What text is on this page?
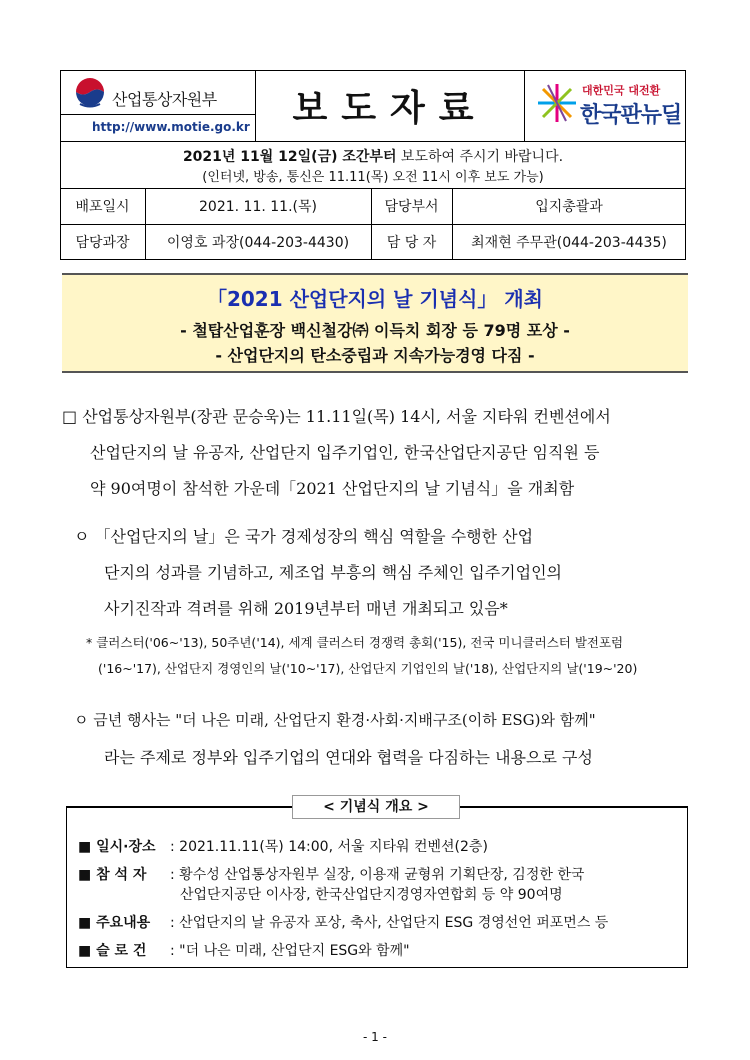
산업통상자원부
http://www.motie.go.kr	보도자료	대한민국 대전환
한국판뉴딜
2021년 11월 12일(금) 조간부터 보도하여 주시기 바랍니다.
(인터넷, 방송, 통신은 11.11(목) 오전 11시 이후 보도 가능)
배포일시	2021. 11. 11.(목)	담당부서	입지총괄과
담당과장	이영호 과장(044-203-4430)	담 당 자	최재현 주무관(044-203-4435)
「2021 산업단지의 날 기념식」 개최
- 철탑산업훈장 백신철강㈜ 이득치 회장 등 79명 포상 -
- 산업단지의 탄소중립과 지속가능경영 다짐 -
□ 산업통상자원부(장관 문승욱)는 11.11일(목) 14시, 서울 지타워 컨벤션에서
산업단지의 날 유공자, 산업단지 입주기업인, 한국산업단지공단 임직원 등
약 90여명이 참석한 가운데「2021 산업단지의 날 기념식」을 개최함
ㅇ 「산업단지의 날」은 국가 경제성장의 핵심 역할을 수행한 산업
단지의 성과를 기념하고, 제조업 부흥의 핵심 주체인 입주기업인의
사기진작과 격려를 위해 2019년부터 매년 개최되고 있음*
* 클러스터('06~'13), 50주년('14), 세계 클러스터 경쟁력 총회('15), 전국 미니클러스터 발전포럼
('16~'17), 산업단지 경영인의 날('10~'17), 산업단지 기업인의 날('18), 산업단지의 날('19~'20)
ㅇ 금년 행사는 "더 나은 미래, 산업단지 환경·사회·지배구조(이하 ESG)와 함께"
라는 주제로 정부와 입주기업의 연대와 협력을 다짐하는 내용으로 구성
< 기념식 개요 >
■ 일시·장소 : 2021.11.11(목) 14:00, 서울 지타워 컨벤션(2층)
■ 참 석 자 : 황수성 산업통상자원부 실장, 이용재 균형위 기획단장, 김정한 한국
산업단지공단 이사장, 한국산업단지경영자연합회 등 약 90여명
■ 주요내용 : 산업단지의 날 유공자 포상, 축사, 산업단지 ESG 경영선언 퍼포먼스 등
■ 슬 로 건 : "더 나은 미래, 산업단지 ESG와 함께"
- 1 -
